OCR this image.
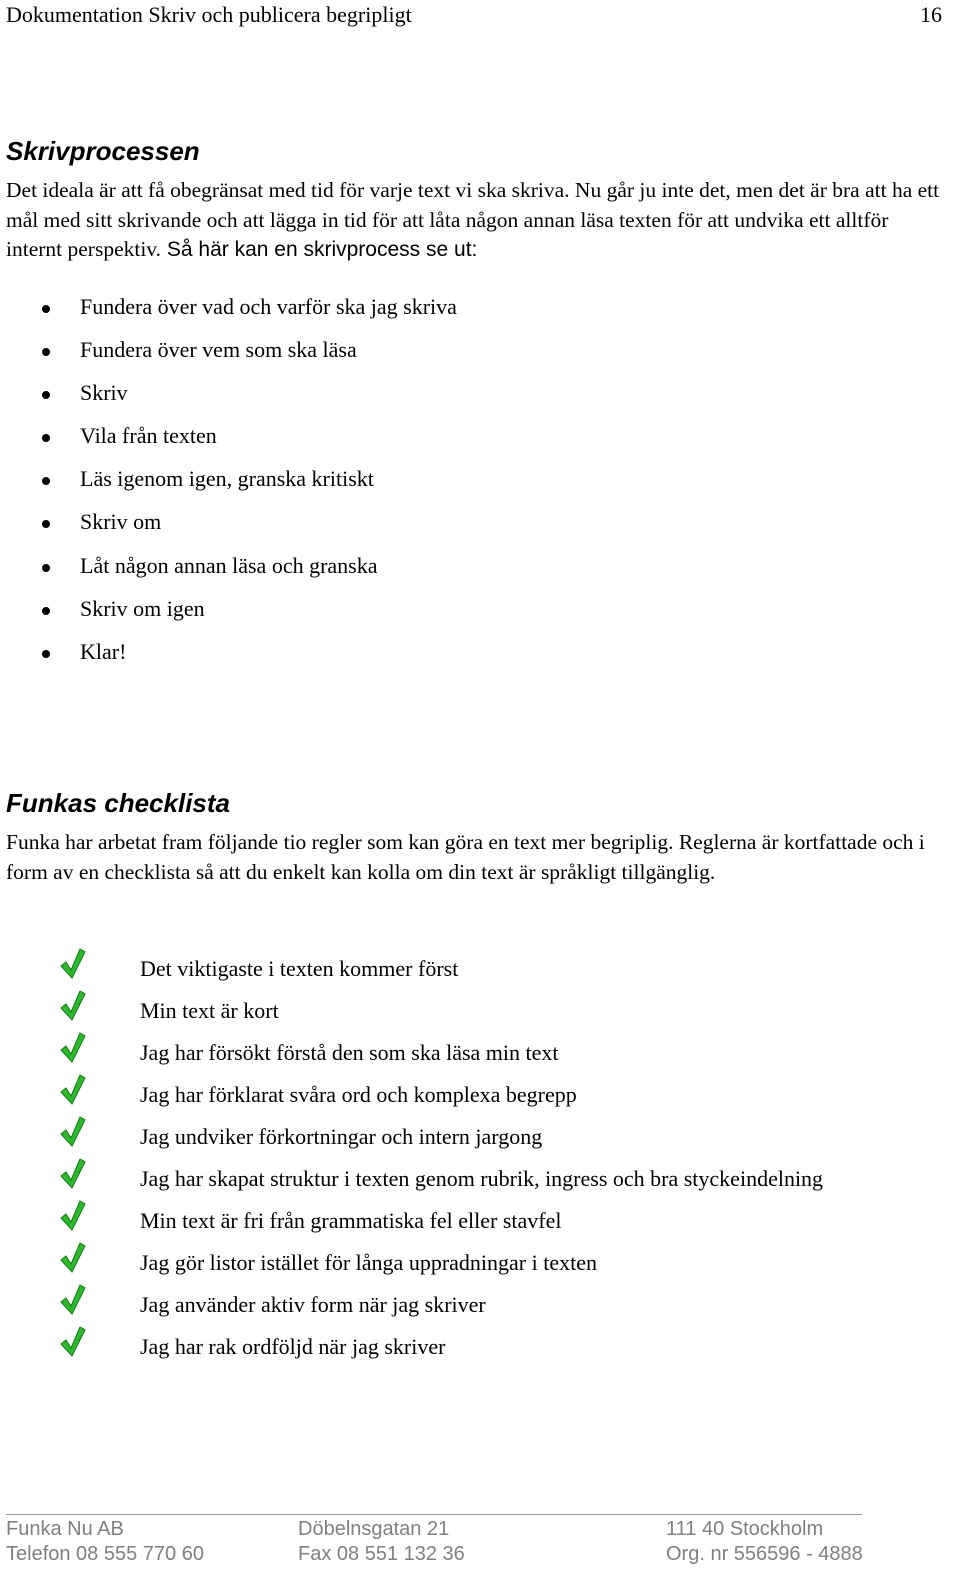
Dokumentation Skriv och publicera begripligt	16
Skrivprocessen
Det ideala är att få obegränsat med tid för varje text vi ska skriva. Nu går ju inte det, men det är bra att ha ett mål med sitt skrivande och att lägga in tid för att låta någon annan läsa texten för att undvika ett alltför internt perspektiv. Så här kan en skrivprocess se ut:
Fundera över vad och varför ska jag skriva
Fundera över vem som ska läsa
Skriv
Vila från texten
Läs igenom igen, granska kritiskt
Skriv om
Låt någon annan läsa och granska
Skriv om igen
Klar!
Funkas checklista
Funka har arbetat fram följande tio regler som kan göra en text mer begriplig. Reglerna är kortfattade och i form av en checklista så att du enkelt kan kolla om din text är språkligt tillgänglig.
Det viktigaste i texten kommer först
Min text är kort
Jag har försökt förstå den som ska läsa min text
Jag har förklarat svåra ord och komplexa begrepp
Jag undviker förkortningar och intern jargong
Jag har skapat struktur i texten genom rubrik, ingress och bra styckeindelning
Min text är fri från grammatiska fel eller stavfel
Jag gör listor istället för långa uppradningar i texten
Jag använder aktiv form när jag skriver
Jag har rak ordföljd när jag skriver
Funka Nu AB
Telefon 08 555 770 60
Döbelnsgatan 21
Fax 08 551 132 36
111 40 Stockholm
Org. nr 556596 - 4888
